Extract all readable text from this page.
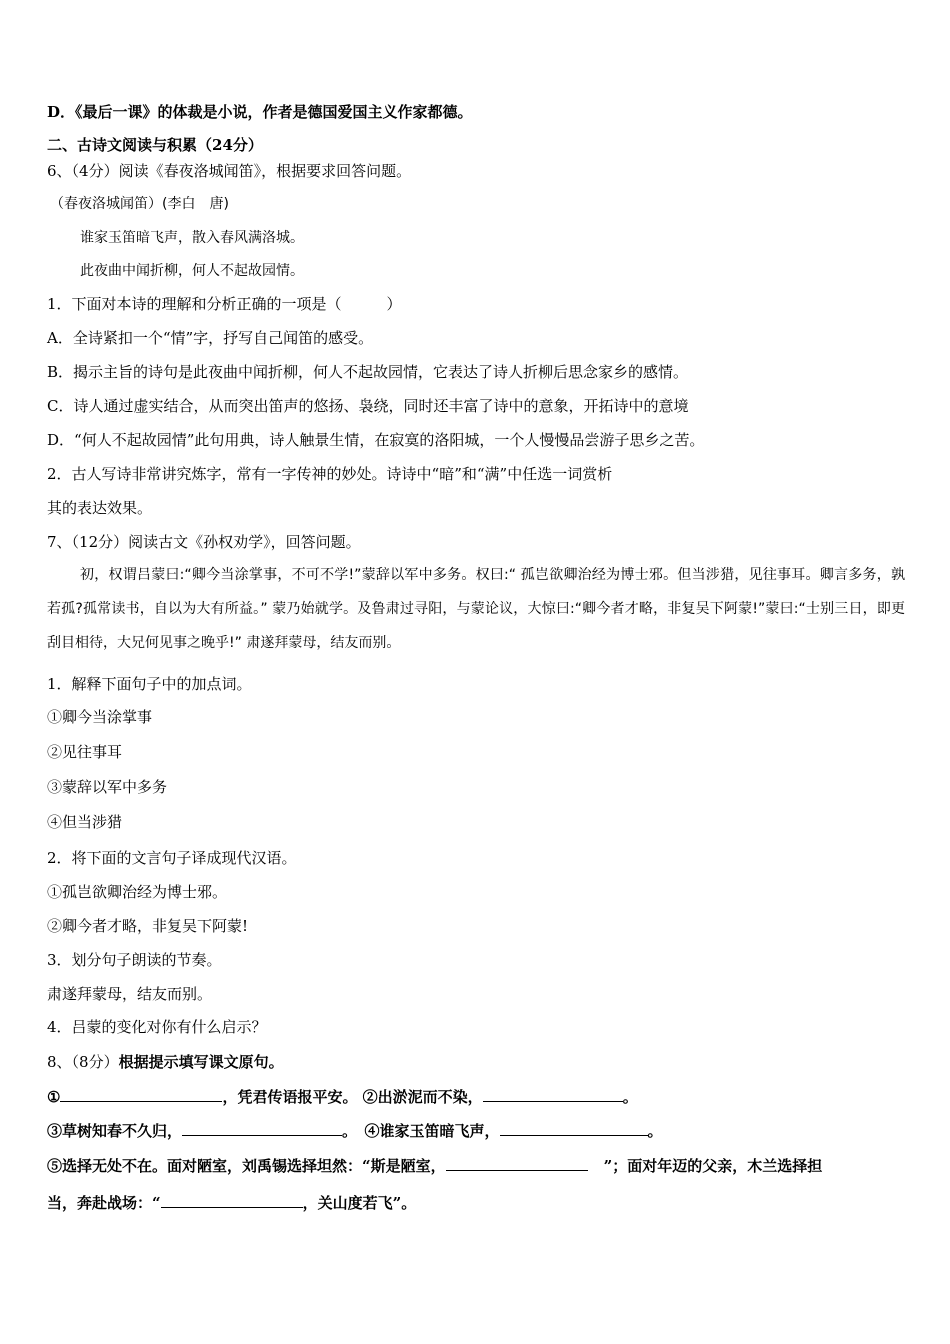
D．《最后一课》的体裁是小说，作者是德国爱国主义作家都德。
二、古诗文阅读与积累（24分）
6、（4分）阅读《春夜洛城闻笛》，根据要求回答问题。
（春夜洛城闻笛）(李白　唐)
谁家玉笛暗飞声，散入春风满洛城。
此夜曲中闻折柳，何人不起故园情。
1．下面对本诗的理解和分析正确的一项是（　　　）
A．全诗紧扣一个“情”字，抒写自己闻笛的感受。
B．揭示主旨的诗句是此夜曲中闻折柳，何人不起故园情，它表达了诗人折柳后思念家乡的感情。
C．诗人通过虚实结合，从而突出笛声的悠扬、袅绕，同时还丰富了诗中的意象，开拓诗中的意境
D．“何人不起故园情”此句用典，诗人触景生情，在寂寞的洛阳城，一个人慢慢品尝游子思乡之苦。
2．古人写诗非常讲究炼字，常有一字传神的妙处。诗诗中“暗”和“满”中任选一词赏析
其的表达效果。
7、（12分）阅读古文《孙权劝学》，回答问题。
初，权谓吕蒙曰:“卿今当涂掌事，不可不学!”蒙辞以军中多务。权曰:“ 孤岂欲卿治经为博士邪。但当涉猎，见往事耳。卿言多务，孰若孤?孤常读书，自以为大有所益。” 蒙乃始就学。及鲁肃过寻阳，与蒙论议，大惊曰:“卿今者才略，非复吴下阿蒙!”蒙曰:“士别三日，即更刮目相待，大兄何见事之晚乎!” 肃遂拜蒙母，结友而别。
1．解释下面句子中的加点词。
①卿今当涂掌事
②见往事耳
③蒙辞以军中多务
④但当涉猎
2．将下面的文言句子译成现代汉语。
①孤岂欲卿治经为博士邪。
②卿今者才略，非复吴下阿蒙!
3．划分句子朗读的节奏。
肃遂拜蒙母，结友而别。
4．吕蒙的变化对你有什么启示？
8、（8分）根据提示填写课文原句。
①	，凭君传语报平安。 ②出淤泥而不染，	。
③草树知春不久归，	。　④谁家玉笛暗飞声，	。
⑤选择无处不在。面对陋室，刘禹锡选择坦然：“斯是陋室，	”；面对年迈的父亲，木兰选择担
当，奔赴战场：“	，关山度若飞”。
